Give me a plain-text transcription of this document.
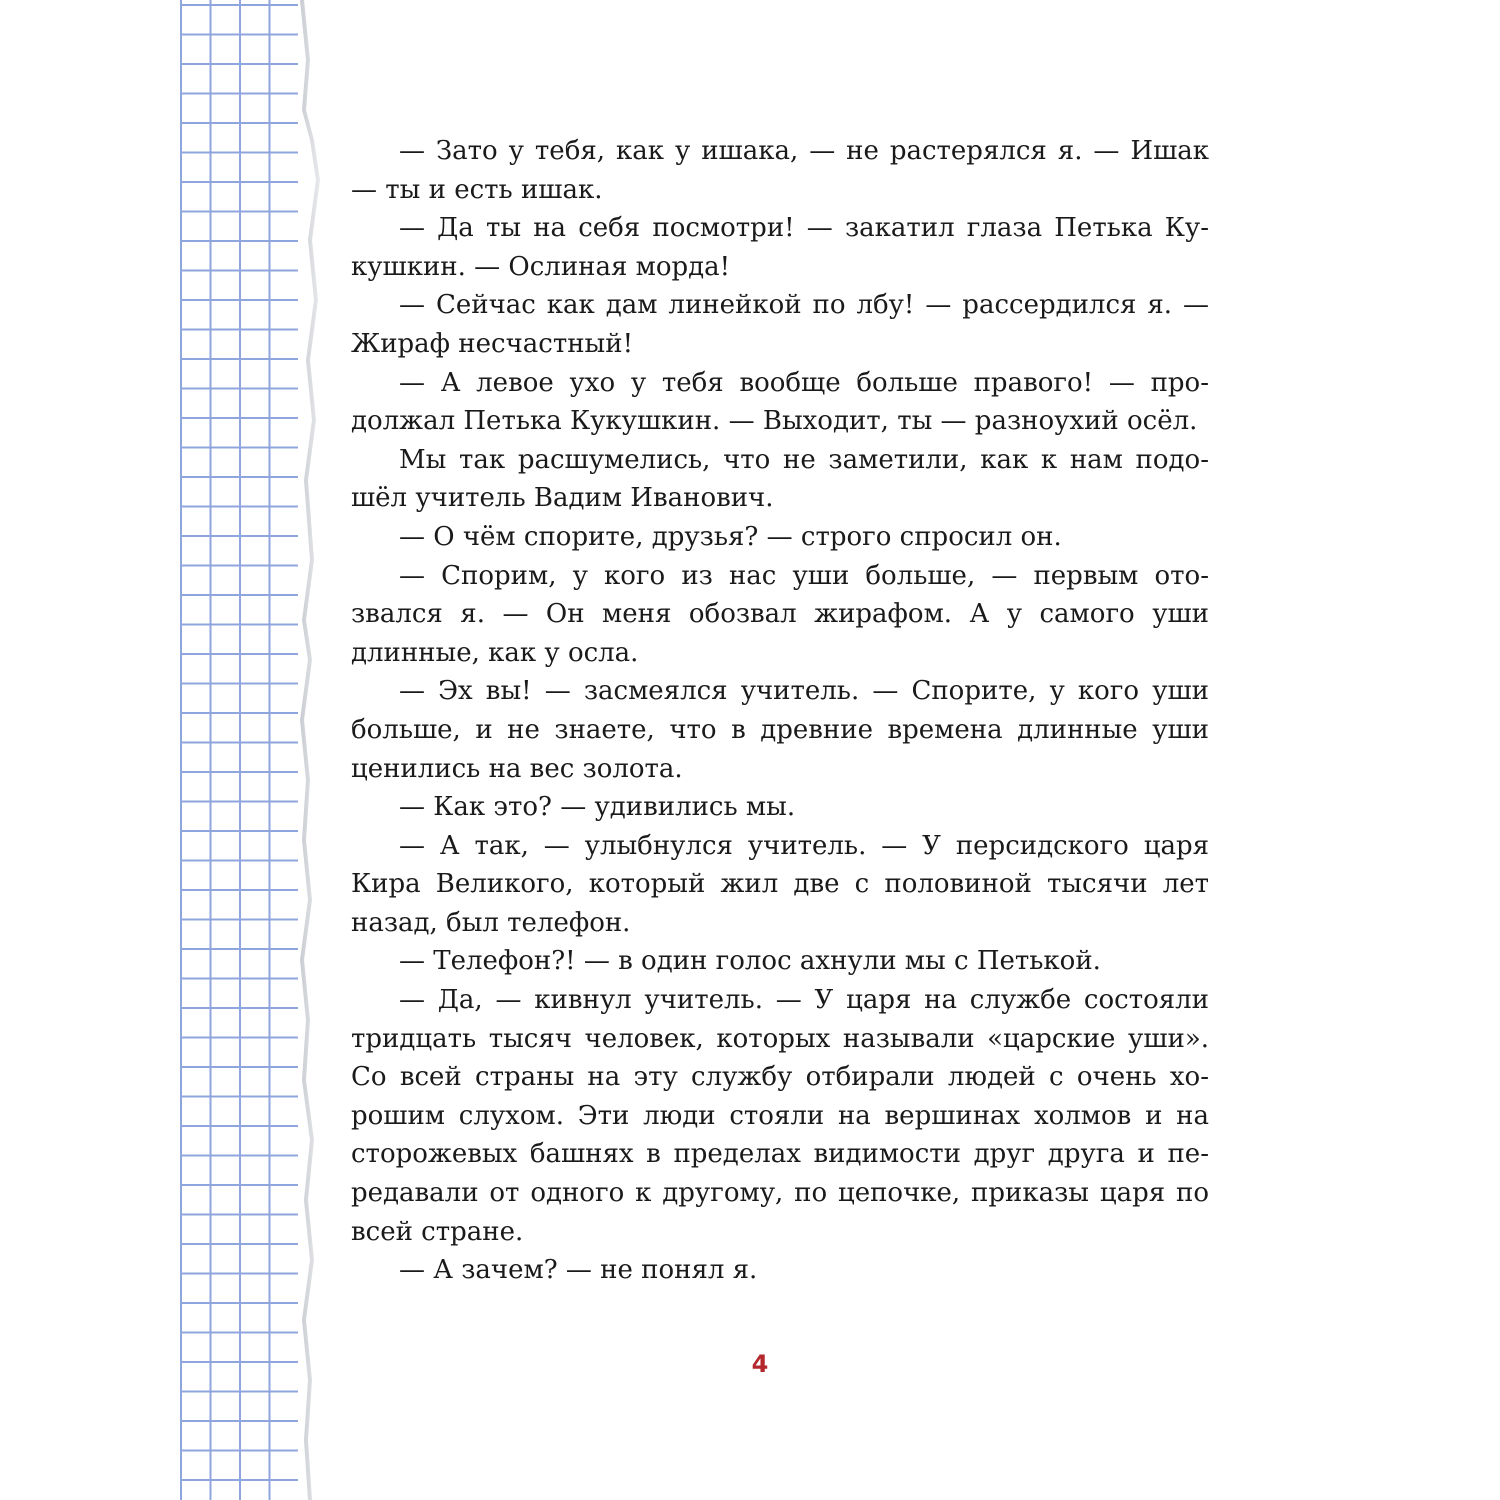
— Зато у тебя, как у ишака, — не растерялся я. — Ишак — ты и есть ишак.

— Да ты на себя посмотри! — закатил глаза Петька Кукушкин. — Ослиная морда!

— Сейчас как дам линейкой по лбу! — рассердился я. — Жираф несчастный!

— А левое ухо у тебя вообще больше правого! — продолжал Петька Кукушкин. — Выходит, ты — разноухий осёл.

Мы так расшумелись, что не заметили, как к нам подошёл учитель Вадим Иванович.

— О чём спорите, друзья? — строго спросил он.

— Спорим, у кого из нас уши больше, — первым отозвался я. — Он меня обозвал жирафом. А у самого уши длинные, как у осла.

— Эх вы! — засмеялся учитель. — Спорите, у кого уши больше, и не знаете, что в древние времена длинные уши ценились на вес золота.

— Как это? — удивились мы.

— А так, — улыбнулся учитель. — У персидского царя Кира Великого, который жил две с половиной тысячи лет назад, был телефон.

— Телефон?! — в один голос ахнули мы с Петькой.

— Да, — кивнул учитель. — У царя на службе состояли тридцать тысяч человек, которых называли «царские уши». Со всей страны на эту службу отбирали людей с очень хорошим слухом. Эти люди стояли на вершинах холмов и на сторожевых башнях в пределах видимости друг друга и передавали от одного к другому, по цепочке, приказы царя по всей стране.

— А зачем? — не понял я.

4
